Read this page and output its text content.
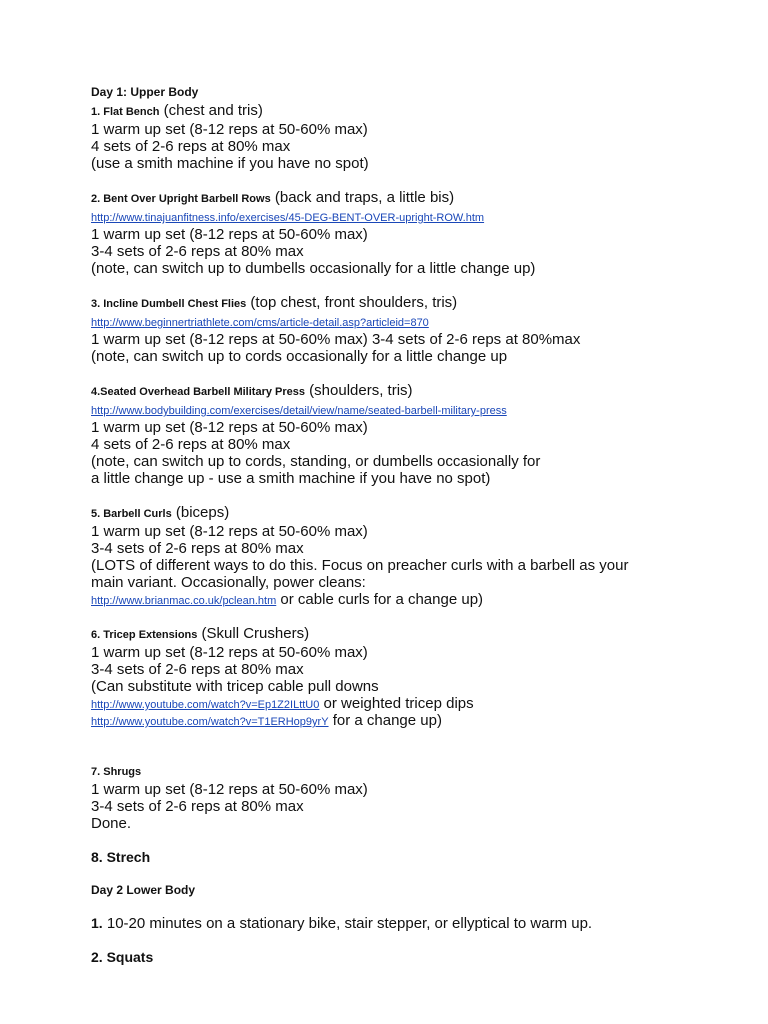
Day 1: Upper Body
1. Flat Bench (chest and tris)
1 warm up set (8-12 reps at 50-60% max)
4 sets of 2-6 reps at 80% max
(use a smith machine if you have no spot)
2. Bent Over Upright Barbell Rows (back and traps, a little bis)
http://www.tinajuanfitness.info/exercises/45-DEG-BENT-OVER-upright-ROW.htm
1 warm up set (8-12 reps at 50-60% max)
3-4 sets of 2-6 reps at 80% max
(note, can switch up to dumbells occasionally for a little change up)
3. Incline Dumbell Chest Flies (top chest, front shoulders, tris)
http://www.beginnertriathlete.com/cms/article-detail.asp?articleid=870
1 warm up set (8-12 reps at 50-60% max) 3-4 sets of 2-6 reps at 80%max
(note, can switch up to cords occasionally for a little change up
4.Seated Overhead Barbell Military Press (shoulders, tris)
http://www.bodybuilding.com/exercises/detail/view/name/seated-barbell-military-press
1 warm up set (8-12 reps at 50-60% max)
4 sets of 2-6 reps at 80% max
(note, can switch up to cords, standing, or dumbells occasionally for
a little change up - use a smith machine if you have no spot)
5. Barbell Curls (biceps)
1 warm up set (8-12 reps at 50-60% max)
3-4 sets of 2-6 reps at 80% max
(LOTS of different ways to do this. Focus on preacher curls with a barbell as your
main variant. Occasionally, power cleans:
http://www.brianmac.co.uk/pclean.htm or cable curls for a change up)
6. Tricep Extensions (Skull Crushers)
1 warm up set (8-12 reps at 50-60% max)
3-4 sets of 2-6 reps at 80% max
(Can substitute with tricep cable pull downs
http://www.youtube.com/watch?v=Ep1Z2ILttU0 or weighted tricep dips
http://www.youtube.com/watch?v=T1ERHop9yrY for a change up)
7. Shrugs
1 warm up set (8-12 reps at 50-60% max)
3-4 sets of 2-6 reps at 80% max
Done.
8. Strech
Day 2 Lower Body
1. 10-20 minutes on a stationary bike, stair stepper, or ellyptical to warm up.
2. Squats
